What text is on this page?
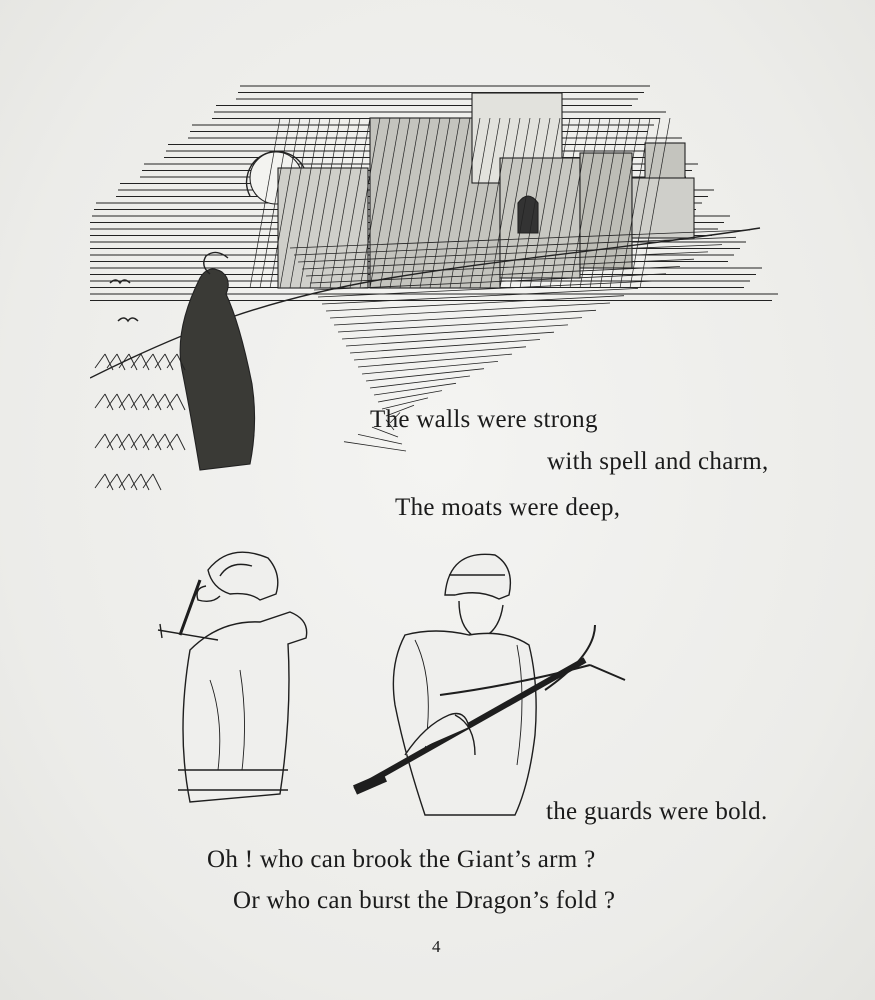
The walls were strong
with spell and charm,
The moats were deep,
the guards were bold.
Oh ! who can brook the Giant’s arm ?
Or who can burst the Dragon’s fold ?
4
